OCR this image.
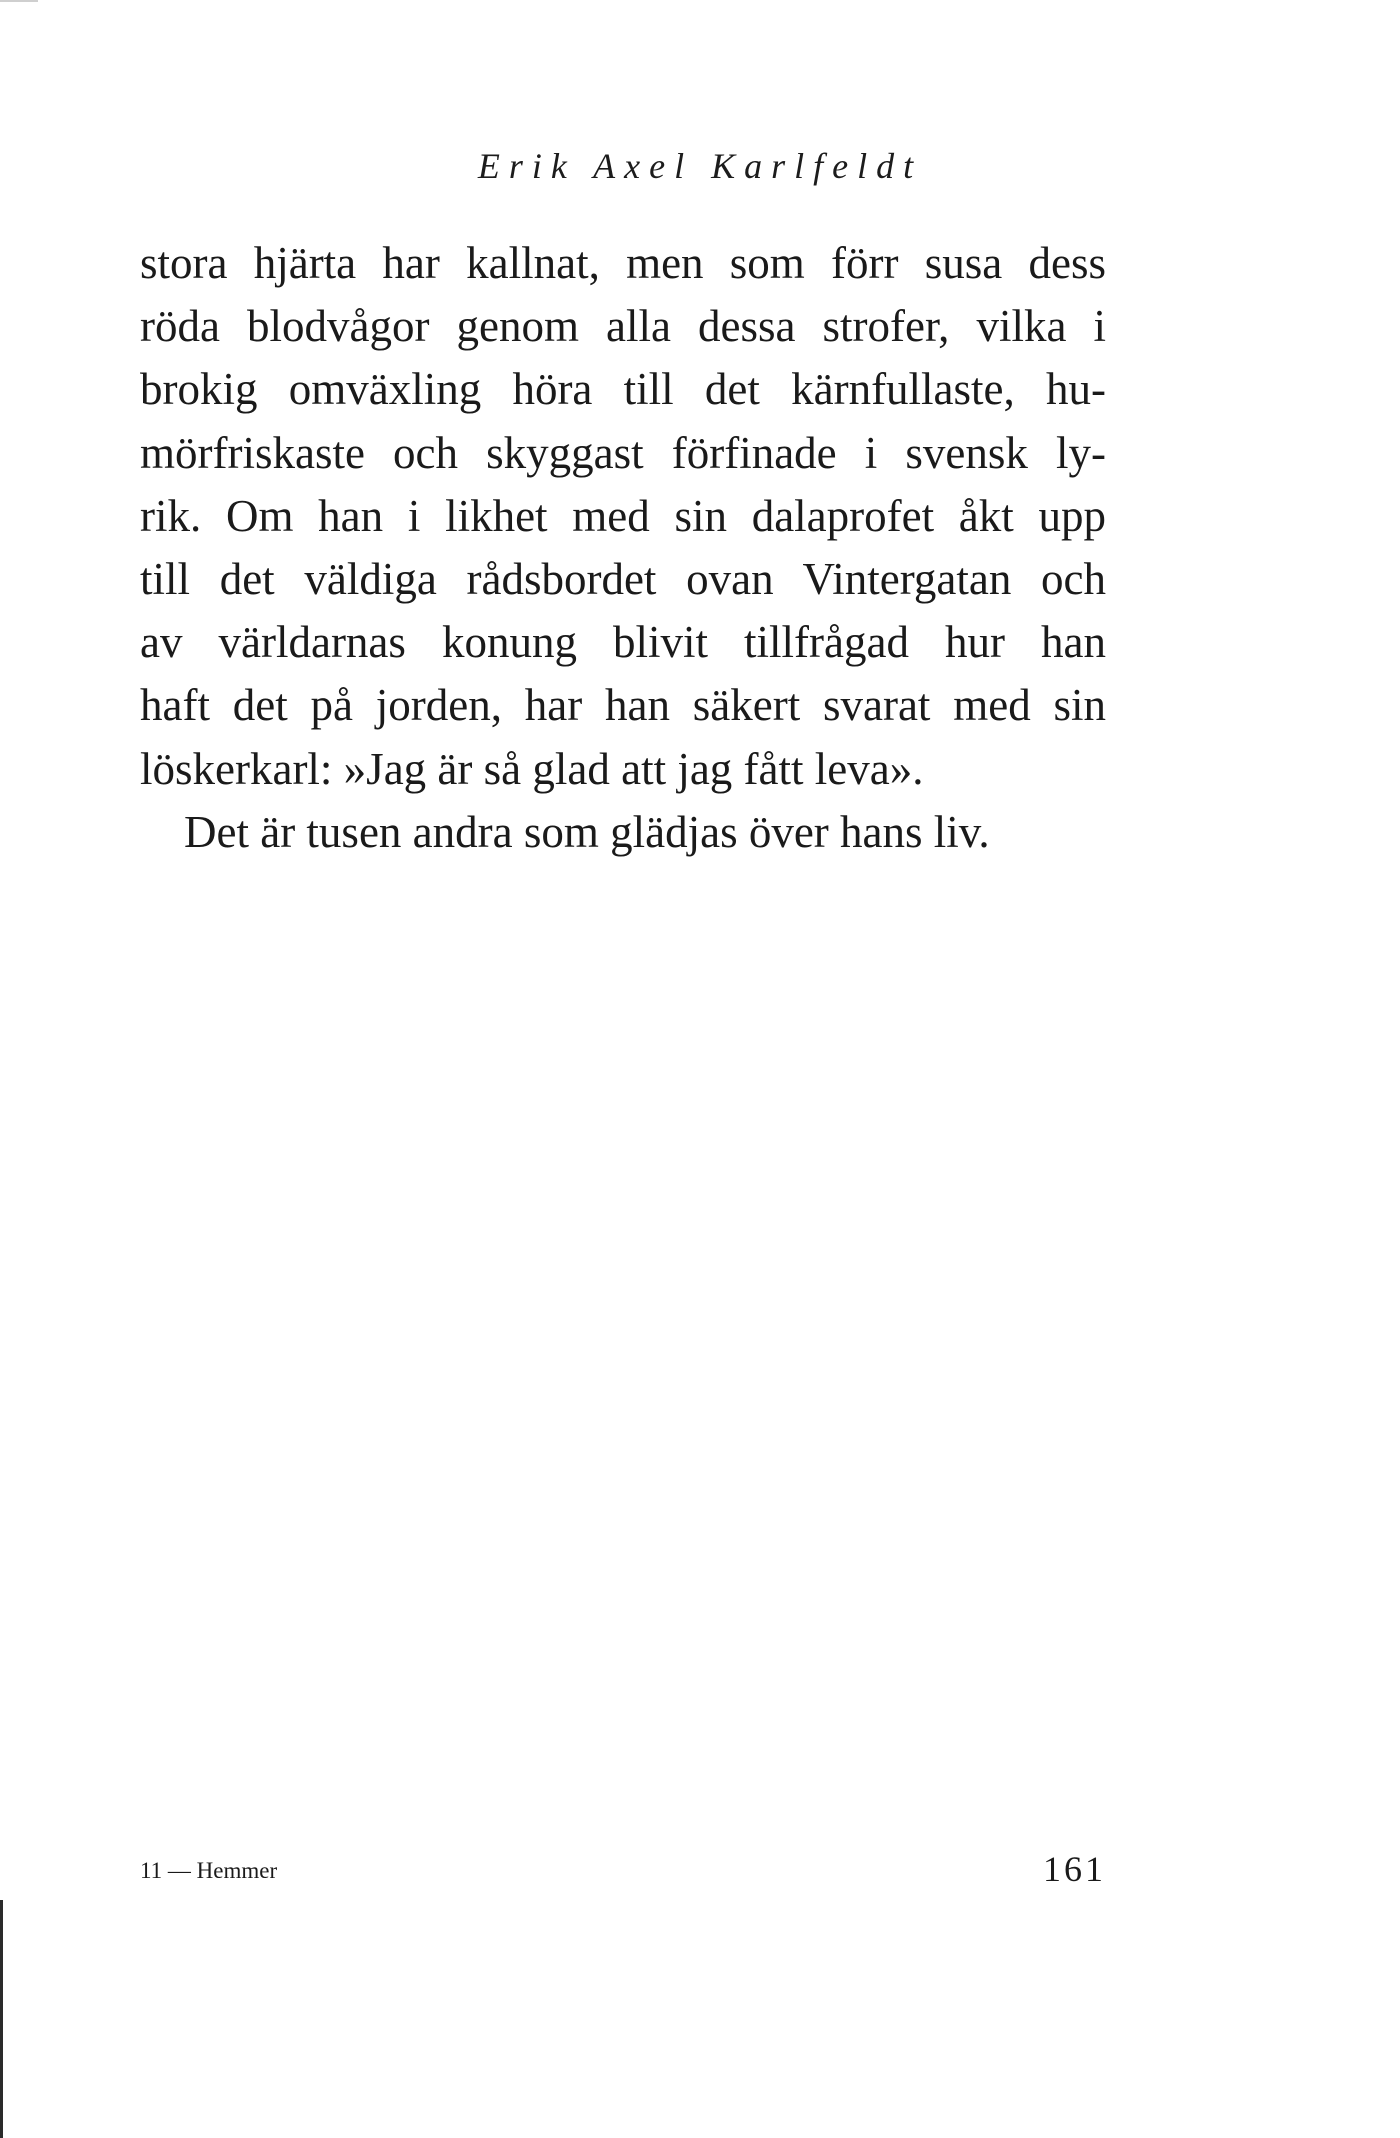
Erik Axel Karlfeldt
stora hjärta har kallnat, men som förr susa dess
röda blodvågor genom alla dessa strofer, vilka i
brokig omväxling höra till det kärnfullaste, hu-
mörfriskaste och skyggast förfinade i svensk ly-
rik. Om han i likhet med sin dalaprofet åkt upp
till det väldiga rådsbordet ovan Vintergatan och
av världarnas konung blivit tillfrågad hur han
haft det på jorden, har han säkert svarat med sin
löskerkarl: »Jag är så glad att jag fått leva».
Det är tusen andra som glädjas över hans liv.
11 — Hemmer	161
